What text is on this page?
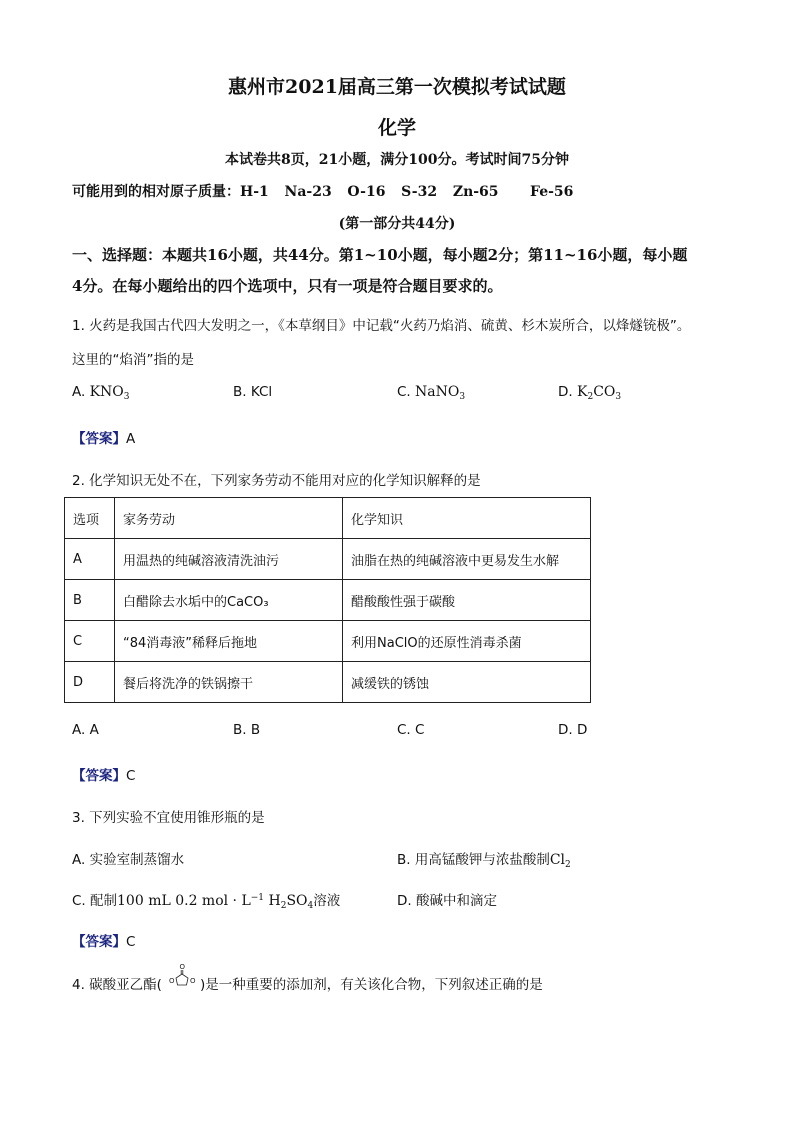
惠州市2021届高三第一次模拟考试试题
化学
本试卷共8页，21小题，满分100分。考试时间75分钟
可能用到的相对原子质量：H-1  Na-23  O-16  S-32  Zn-65    Fe-56
(第一部分共44分)
一、选择题：本题共16小题，共44分。第1~10小题，每小题2分；第11~16小题，每小题
4分。在每小题给出的四个选项中，只有一项是符合题目要求的。
1. 火药是我国古代四大发明之一，《本草纲目》中记载“火药乃焰消、硫黄、杉木炭所合，以烽燧铳极”。
这里的“焰消”指的是
A. $KNO_3$	B. KCl	C. NaNO$_3$	D. $K_2CO_3$
【答案】A
2. 化学知识无处不在，下列家务劳动不能用对应的化学知识解释的是
选项	家务劳动	化学知识
A	用温热的纯碱溶液清洗油污	油脂在热的纯碱溶液中更易发生水解
B	白醋除去水垢中的CaCO₃	醋酸酸性强于碳酸
C	“84消毒液”稀释后拖地	利用NaClO的还原性消毒杀菌
D	餐后将洗净的铁锅擦干	减缓铁的锈蚀
A. A	B. B	C. C	D. D
【答案】C
3. 下列实验不宜使用锥形瓶的是
A. 实验室制蒸馏水	B. 用高锰酸钾与浓盐酸制$Cl_2$
C. 配制100 mL 0.2 mol · $L^{-1}$ $H_2SO_4$溶液	D. 酸碱中和滴定
【答案】C
4. 碳酸亚乙酯(
O
O O )是一种重要的添加剂，有关该化合物，下列叙述正确的是
